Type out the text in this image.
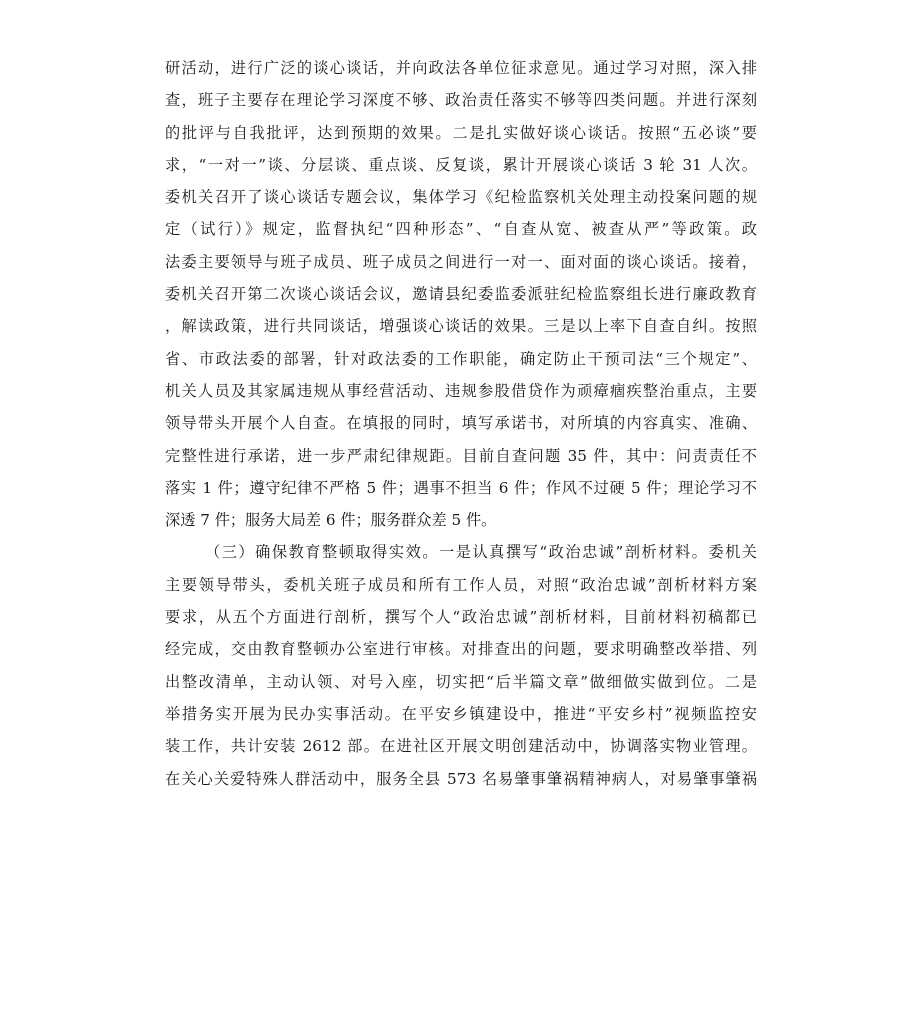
研活动，进行广泛的谈心谈话，并向政法各单位征求意见。通过学习对照，深入排
查，班子主要存在理论学习深度不够、政治责任落实不够等四类问题。并进行深刻
的批评与自我批评，达到预期的效果。二是扎实做好谈心谈话。按照“五必谈”要
求，“一对一”谈、分层谈、重点谈、反复谈，累计开展谈心谈话 3 轮 31 人次。
委机关召开了谈心谈话专题会议，集体学习《纪检监察机关处理主动投案问题的规
定（试行）》规定，监督执纪“四种形态”、“自查从宽、被查从严”等政策。政
法委主要领导与班子成员、班子成员之间进行一对一、面对面的谈心谈话。接着，
委机关召开第二次谈心谈话会议，邀请县纪委监委派驻纪检监察组长进行廉政教育
，解读政策，进行共同谈话，增强谈心谈话的效果。三是以上率下自查自纠。按照
省、市政法委的部署，针对政法委的工作职能，确定防止干预司法“三个规定”、
机关人员及其家属违规从事经营活动、违规参股借贷作为顽瘴痼疾整治重点，主要
领导带头开展个人自查。在填报的同时，填写承诺书，对所填的内容真实、准确、
完整性进行承诺，进一步严肃纪律规距。目前自查问题 35 件，其中：问责责任不
落实 1 件；遵守纪律不严格 5 件；遇事不担当 6 件；作风不过硬 5 件；理论学习不
深透 7 件；服务大局差 6 件；服务群众差 5 件。
（三）确保教育整顿取得实效。一是认真撰写“政治忠诚”剖析材料。委机关
主要领导带头，委机关班子成员和所有工作人员，对照“政治忠诚”剖析材料方案
要求，从五个方面进行剖析，撰写个人“政治忠诚”剖析材料，目前材料初稿都已
经完成，交由教育整顿办公室进行审核。对排查出的问题，要求明确整改举措、列
出整改清单，主动认领、对号入座，切实把“后半篇文章”做细做实做到位。二是
举措务实开展为民办实事活动。在平安乡镇建设中，推进“平安乡村”视频监控安
装工作，共计安装 2612 部。在进社区开展文明创建活动中，协调落实物业管理。
在关心关爱特殊人群活动中，服务全县 573 名易肇事肇祸精神病人，对易肇事肇祸
